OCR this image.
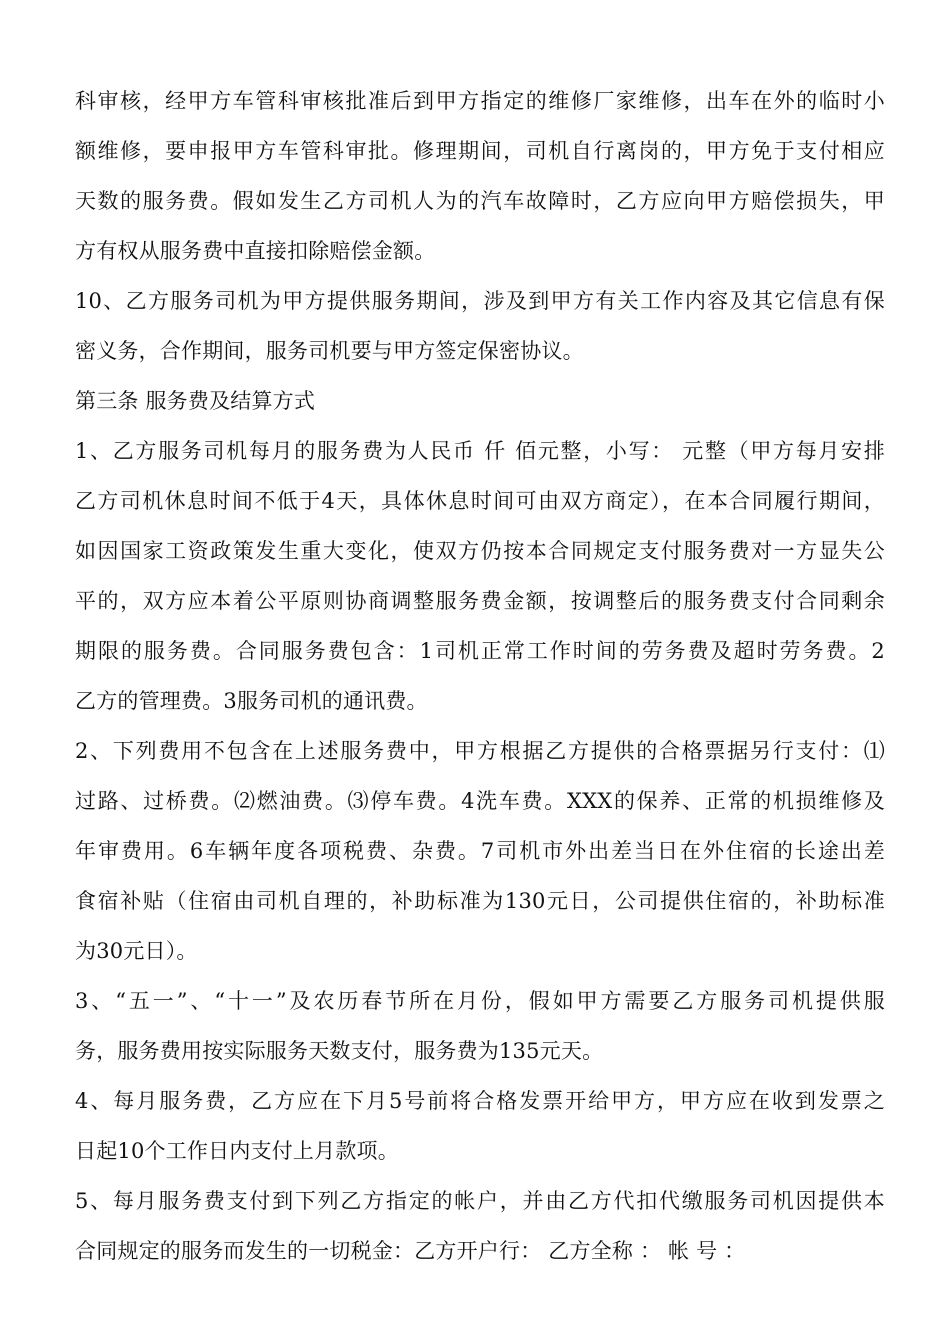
科审核，经甲方车管科审核批准后到甲方指定的维修厂家维修，出车在外的临时小
额维修，要申报甲方车管科审批。修理期间，司机自行离岗的，甲方免于支付相应
天数的服务费。假如发生乙方司机人为的汽车故障时，乙方应向甲方赔偿损失，甲
方有权从服务费中直接扣除赔偿金额。
10、乙方服务司机为甲方提供服务期间，涉及到甲方有关工作内容及其它信息有保
密义务，合作期间，服务司机要与甲方签定保密协议。
第三条 服务费及结算方式
1、乙方服务司机每月的服务费为人民币 仟 佰元整，小写： 元整（甲方每月安排
乙方司机休息时间不低于4天，具体休息时间可由双方商定），在本合同履行期间，
如因国家工资政策发生重大变化，使双方仍按本合同规定支付服务费对一方显失公
平的，双方应本着公平原则协商调整服务费金额，按调整后的服务费支付合同剩余
期限的服务费。合同服务费包含：1司机正常工作时间的劳务费及超时劳务费。2
乙方的管理费。3服务司机的通讯费。
2、下列费用不包含在上述服务费中，甲方根据乙方提供的合格票据另行支付：⑴
过路、过桥费。⑵燃油费。⑶停车费。4洗车费。XXX的保养、正常的机损维修及
年审费用。6车辆年度各项税费、杂费。7司机市外出差当日在外住宿的长途出差
食宿补贴（住宿由司机自理的，补助标准为130元日，公司提供住宿的，补助标准
为30元日）。
3、“五一”、“十一”及农历春节所在月份，假如甲方需要乙方服务司机提供服
务，服务费用按实际服务天数支付，服务费为135元天。
4、每月服务费，乙方应在下月5号前将合格发票开给甲方，甲方应在收到发票之
日起10个工作日内支付上月款项。
5、每月服务费支付到下列乙方指定的帐户，并由乙方代扣代缴服务司机因提供本
合同规定的服务而发生的一切税金：乙方开户行： 乙方全称 ： 帐 号 ：
